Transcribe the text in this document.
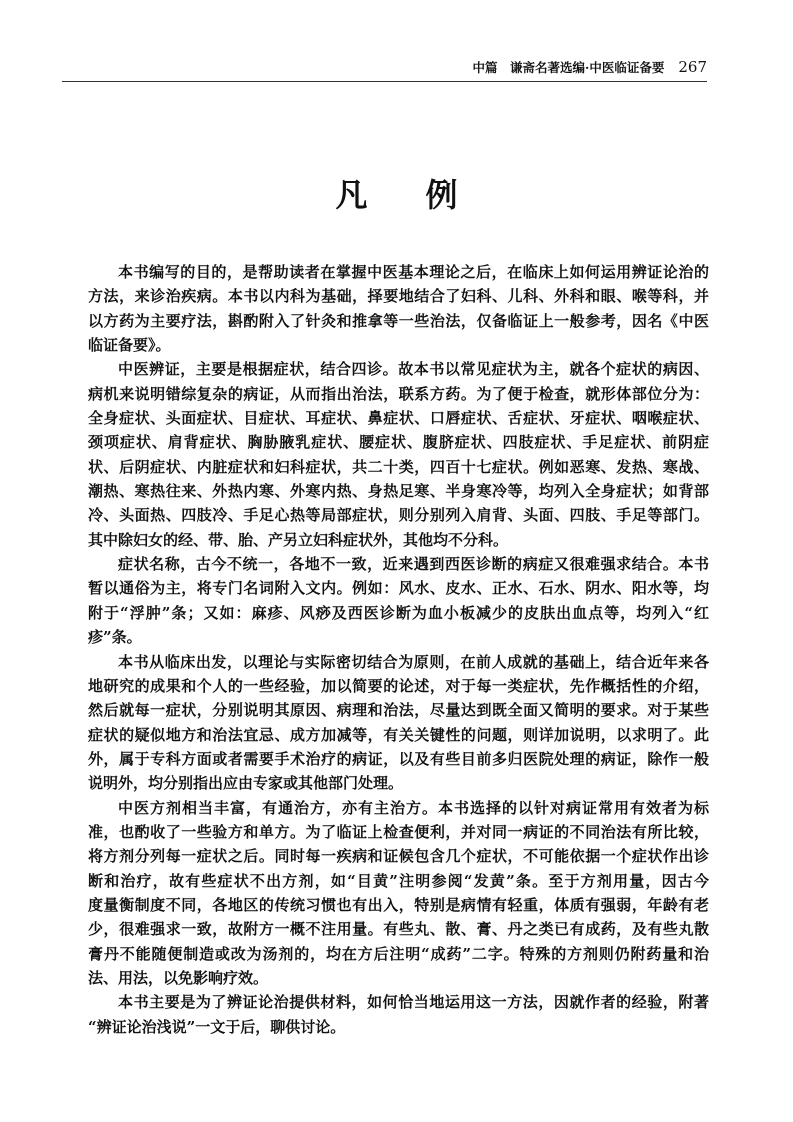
中篇　谦斋名著选编·中医临证备要 267
凡例
本书编写的目的，是帮助读者在掌握中医基本理论之后，在临床上如何运用辨证论治的
方法，来诊治疾病。本书以内科为基础，择要地结合了妇科、儿科、外科和眼、喉等科，并
以方药为主要疗法，斟酌附入了针灸和推拿等一些治法，仅备临证上一般参考，因名《中医
临证备要》。
中医辨证，主要是根据症状，结合四诊。故本书以常见症状为主，就各个症状的病因、
病机来说明错综复杂的病证，从而指出治法，联系方药。为了便于检查，就形体部位分为：
全身症状、头面症状、目症状、耳症状、鼻症状、口唇症状、舌症状、牙症状、咽喉症状、
颈项症状、肩背症状、胸胁腋乳症状、腰症状、腹脐症状、四肢症状、手足症状、前阴症
状、后阴症状、内脏症状和妇科症状，共二十类，四百十七症状。例如恶寒、发热、寒战、
潮热、寒热往来、外热内寒、外寒内热、身热足寒、半身寒冷等，均列入全身症状；如背部
冷、头面热、四肢冷、手足心热等局部症状，则分别列入肩背、头面、四肢、手足等部门。
其中除妇女的经、带、胎、产另立妇科症状外，其他均不分科。
症状名称，古今不统一，各地不一致，近来遇到西医诊断的病症又很难强求结合。本书
暂以通俗为主，将专门名词附入文内。例如：风水、皮水、正水、石水、阴水、阳水等，均
附于“浮肿”条；又如：麻疹、风痧及西医诊断为血小板减少的皮肤出血点等，均列入“红
疹”条。
本书从临床出发，以理论与实际密切结合为原则，在前人成就的基础上，结合近年来各
地研究的成果和个人的一些经验，加以简要的论述，对于每一类症状，先作概括性的介绍，
然后就每一症状，分别说明其原因、病理和治法，尽量达到既全面又简明的要求。对于某些
症状的疑似地方和治法宜忌、成方加减等，有关关键性的问题，则详加说明，以求明了。此
外，属于专科方面或者需要手术治疗的病证，以及有些目前多归医院处理的病证，除作一般
说明外，均分别指出应由专家或其他部门处理。
中医方剂相当丰富，有通治方，亦有主治方。本书选择的以针对病证常用有效者为标
准，也酌收了一些验方和单方。为了临证上检查便利，并对同一病证的不同治法有所比较，
将方剂分列每一症状之后。同时每一疾病和证候包含几个症状，不可能依据一个症状作出诊
断和治疗，故有些症状不出方剂，如“目黄”注明参阅“发黄”条。至于方剂用量，因古今
度量衡制度不同，各地区的传统习惯也有出入，特别是病情有轻重，体质有强弱，年龄有老
少，很难强求一致，故附方一概不注用量。有些丸、散、膏、丹之类已有成药，及有些丸散
膏丹不能随便制造或改为汤剂的，均在方后注明“成药”二字。特殊的方剂则仍附药量和治
法、用法，以免影响疗效。
本书主要是为了辨证论治提供材料，如何恰当地运用这一方法，因就作者的经验，附著
“辨证论治浅说”一文于后，聊供讨论。
